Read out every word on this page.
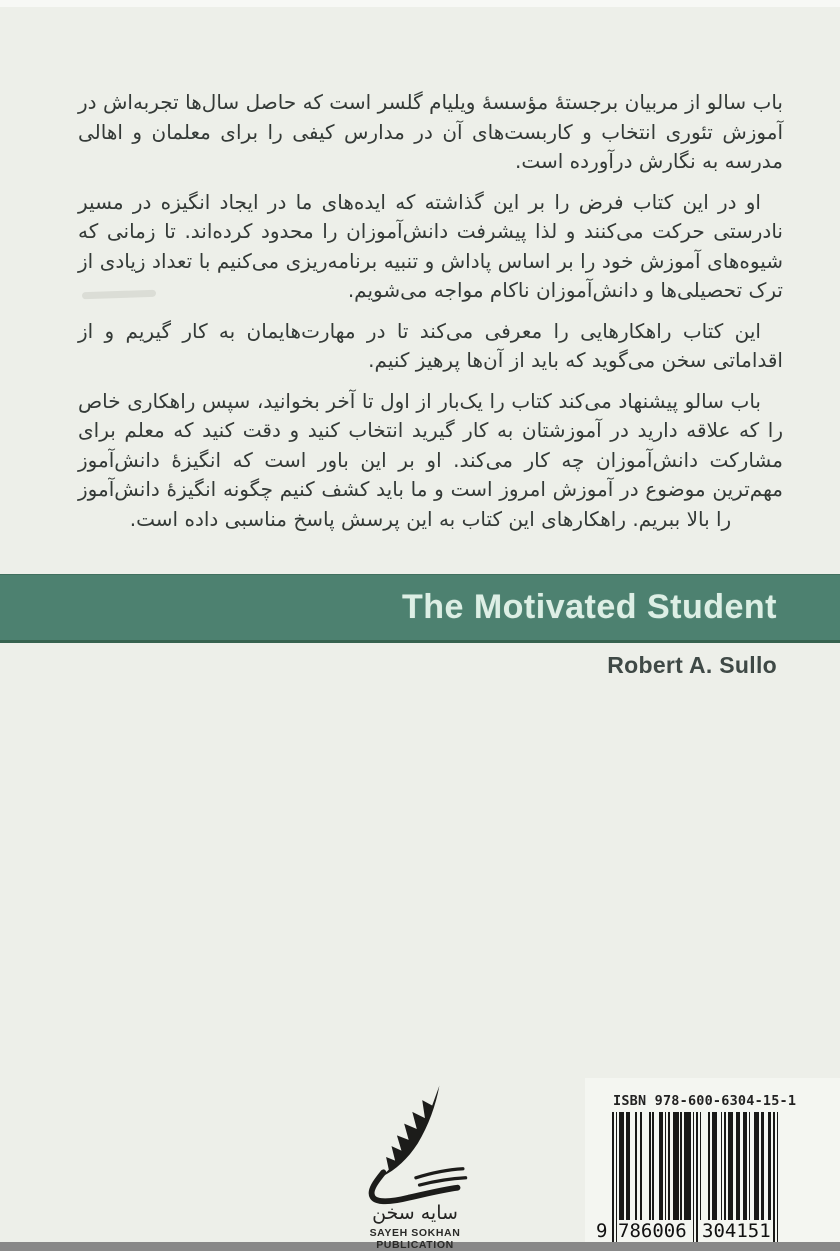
باب سالو از مربیان برجستهٔ مؤسسهٔ ویلیام گلسر است که حاصل سال‌ها تجربه‌اش در آموزش تئوری انتخاب و کاربست‌های آن در مدارس کیفی را برای معلمان و اهالی مدرسه به نگارش درآورده است.

او در این کتاب فرض را بر این گذاشته که ایده‌های ما در ایجاد انگیزه در مسیر نادرستی حرکت می‌کنند و لذا پیشرفت دانش‌آموزان را محدود کرده‌اند. تا زمانی که شیوه‌های آموزش خود را بر اساس پاداش و تنبیه برنامه‌ریزی می‌کنیم با تعداد زیادی از ترک تحصیلی‌ها و دانش‌آموزان ناکام مواجه می‌شویم.

این کتاب راهکارهایی را معرفی می‌کند تا در مهارت‌هایمان به کار گیریم و از اقداماتی سخن می‌گوید که باید از آن‌ها پرهیز کنیم.

باب سالو پیشنهاد می‌کند کتاب را یک‌بار از اول تا آخر بخوانید، سپس راهکاری خاص را که علاقه دارید در آموزشتان به کار گیرید انتخاب کنید و دقت کنید که معلم برای مشارکت دانش‌آموزان چه کار می‌کند. او بر این باور است که انگیزهٔ دانش‌آموز مهم‌ترین موضوع در آموزش امروز است و ما باید کشف کنیم چگونه انگیزهٔ دانش‌آموز را بالا ببریم. راهکارهای این کتاب به این پرسش پاسخ مناسبی داده است.

The Motivated Student
Robert A. Sullo
سایه سخن
SAYEH SOKHAN
PUBLICATION
ISBN 978-600-6304-15-1
9 786006 304151
